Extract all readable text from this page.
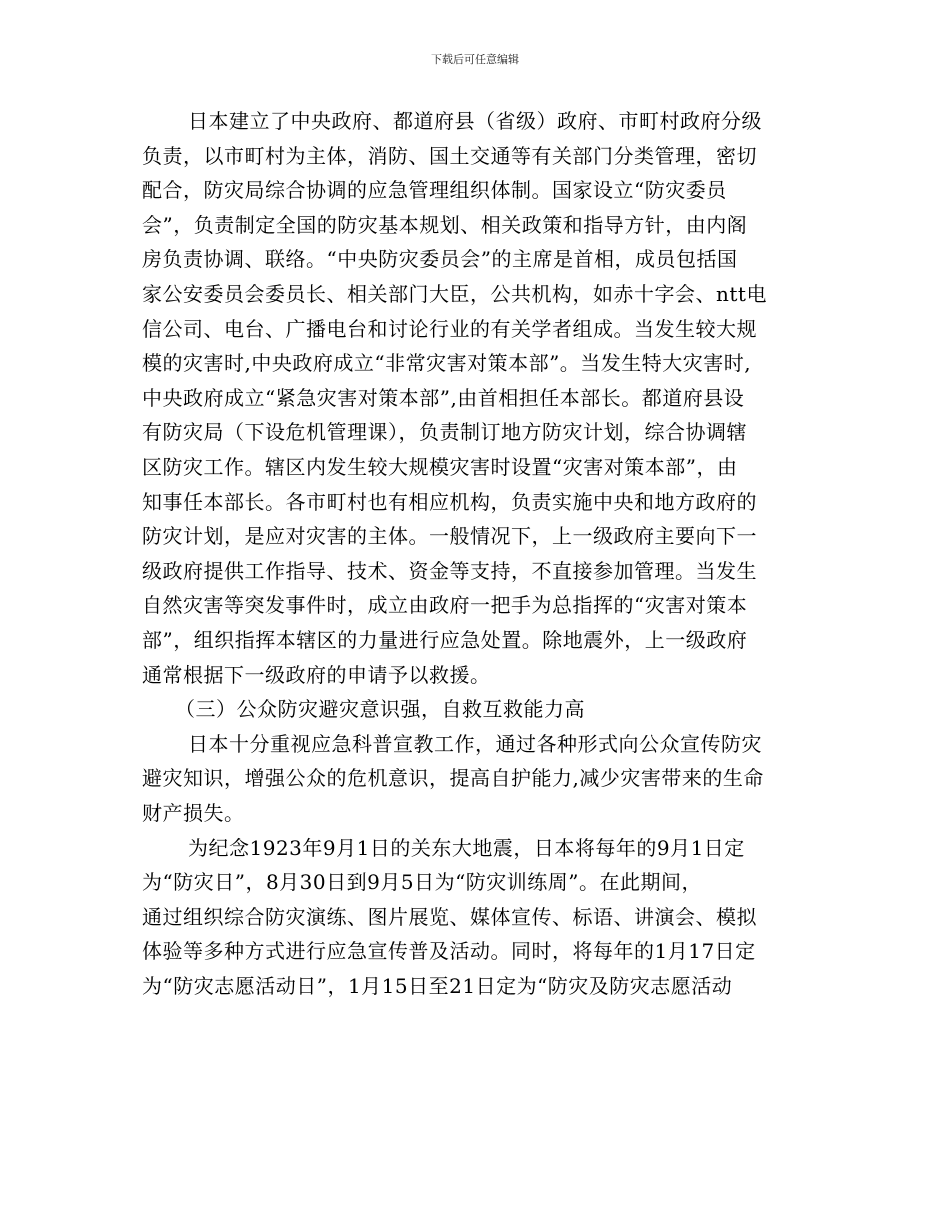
下载后可任意编辑
日本建立了中央政府、都道府县（省级）政府、市町村政府分级
负责，以市町村为主体，消防、国土交通等有关部门分类管理，密切
配合，防灾局综合协调的应急管理组织体制。国家设立“防灾委员
会”，负责制定全国的防灾基本规划、相关政策和指导方针，由内阁
房负责协调、联络。“中央防灾委员会”的主席是首相，成员包括国
家公安委员会委员长、相关部门大臣，公共机构，如赤十字会、ntt电
信公司、电台、广播电台和讨论行业的有关学者组成。当发生较大规
模的灾害时,中央政府成立“非常灾害对策本部”。当发生特大灾害时,
中央政府成立“紧急灾害对策本部”,由首相担任本部长。都道府县设
有防灾局（下设危机管理课），负责制订地方防灾计划，综合协调辖
区防灾工作。辖区内发生较大规模灾害时设置“灾害对策本部”，由
知事任本部长。各市町村也有相应机构，负责实施中央和地方政府的
防灾计划，是应对灾害的主体。一般情况下，上一级政府主要向下一
级政府提供工作指导、技术、资金等支持，不直接参加管理。当发生
自然灾害等突发事件时，成立由政府一把手为总指挥的“灾害对策本
部”，组织指挥本辖区的力量进行应急处置。除地震外，上一级政府
通常根据下一级政府的申请予以救援。
（三）公众防灾避灾意识强，自救互救能力高
日本十分重视应急科普宣教工作，通过各种形式向公众宣传防灾
避灾知识，增强公众的危机意识，提高自护能力,减少灾害带来的生命
财产损失。
为纪念1923年9月1日的关东大地震，日本将每年的9月1日定
为“防灾日”，8月30日到9月5日为“防灾训练周”。在此期间，
通过组织综合防灾演练、图片展览、媒体宣传、标语、讲演会、模拟
体验等多种方式进行应急宣传普及活动。同时，将每年的1月17日定
为“防灾志愿活动日”，1月15日至21日定为“防灾及防灾志愿活动
